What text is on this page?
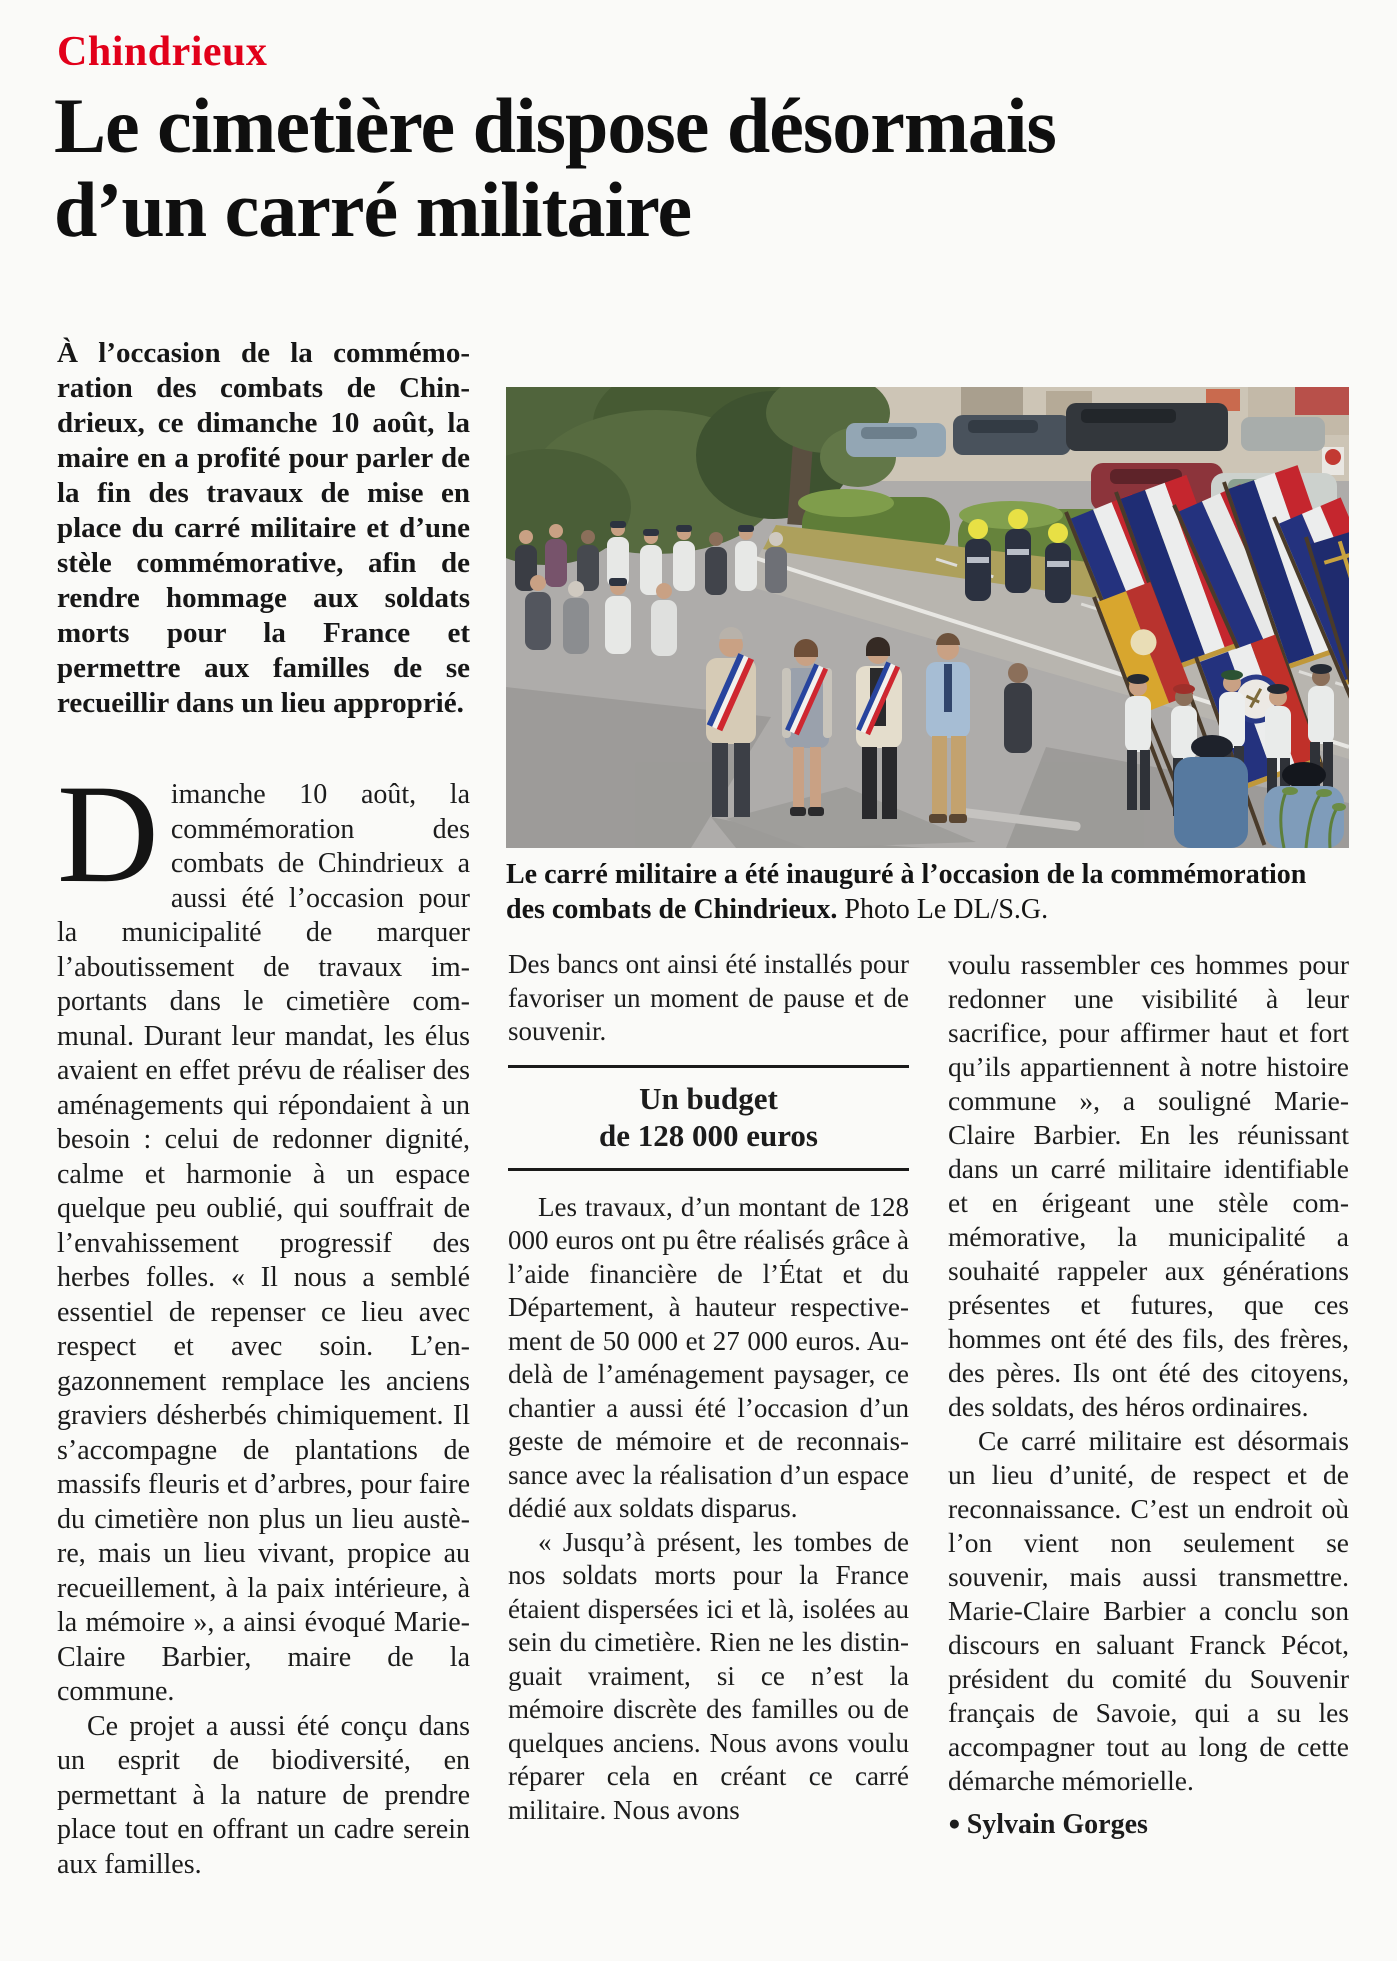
Chindrieux
Le cimetière dispose désormais
d’un carré militaire

À l’occasion de la commémoration des combats de Chindrieux, ce dimanche 10 août, la maire en a profité pour parler de la fin des travaux de mise en place du carré militaire et d’une stèle commémorative, afin de rendre hommage aux soldats morts pour la France et permettre aux familles de se recueillir dans un lieu approprié.

Le carré militaire a été inauguré à l’occasion de la commémoration des combats de Chindrieux. Photo Le DL/S.G.

Dimanche 10 août, la commémoration des combats de Chindrieux a aussi été l’occasion pour la municipalité de marquer l’aboutissement de travaux importants dans le cimetière communal. Durant leur mandat, les élus avaient en effet prévu de réaliser des aménagements qui répondaient à un besoin : celui de redonner dignité, calme et harmonie à un espace quelque peu oublié, qui souffrait de l’envahissement progressif des herbes folles. « Il nous a semblé essentiel de repenser ce lieu avec respect et avec soin. L’engazonnement remplace les anciens graviers désherbés chimiquement. Il s’accompagne de plantations de massifs fleuris et d’arbres, pour faire du cimetière non plus un lieu austère, mais un lieu vivant, propice au recueillement, à la paix intérieure, à la mémoire », a ainsi évoqué Marie-Claire Barbier, maire de la commune.

Ce projet a aussi été conçu dans un esprit de biodiversité, en permettant à la nature de prendre place tout en offrant un cadre serein aux familles.

Des bancs ont ainsi été installés pour favoriser un moment de pause et de souvenir.

Un budget
de 128 000 euros

Les travaux, d’un montant de 128 000 euros ont pu être réalisés grâce à l’aide financière de l’État et du Département, à hauteur respectivement de 50 000 et 27 000 euros. Au-delà de l’aménagement paysager, ce chantier a aussi été l’occasion d’un geste de mémoire et de reconnaissance avec la réalisation d’un espace dédié aux soldats disparus.

« Jusqu’à présent, les tombes de nos soldats morts pour la France étaient dispersées ici et là, isolées au sein du cimetière. Rien ne les distinguait vraiment, si ce n’est la mémoire discrète des familles ou de quelques anciens. Nous avons voulu réparer cela en créant ce carré militaire. Nous avons

voulu rassembler ces hommes pour redonner une visibilité à leur sacrifice, pour affirmer haut et fort qu’ils appartiennent à notre histoire commune », a souligné Marie-Claire Barbier. En les réunissant dans un carré militaire identifiable et en érigeant une stèle commémorative, la municipalité a souhaité rappeler aux générations présentes et futures, que ces hommes ont été des fils, des frères, des pères. Ils ont été des citoyens, des soldats, des héros ordinaires.

Ce carré militaire est désormais un lieu d’unité, de respect et de reconnaissance. C’est un endroit où l’on vient non seulement se souvenir, mais aussi transmettre. Marie-Claire Barbier a conclu son discours en saluant Franck Pécot, président du comité du Souvenir français de Savoie, qui a su les accompagner tout au long de cette démarche mémorielle.

● Sylvain Gorges
